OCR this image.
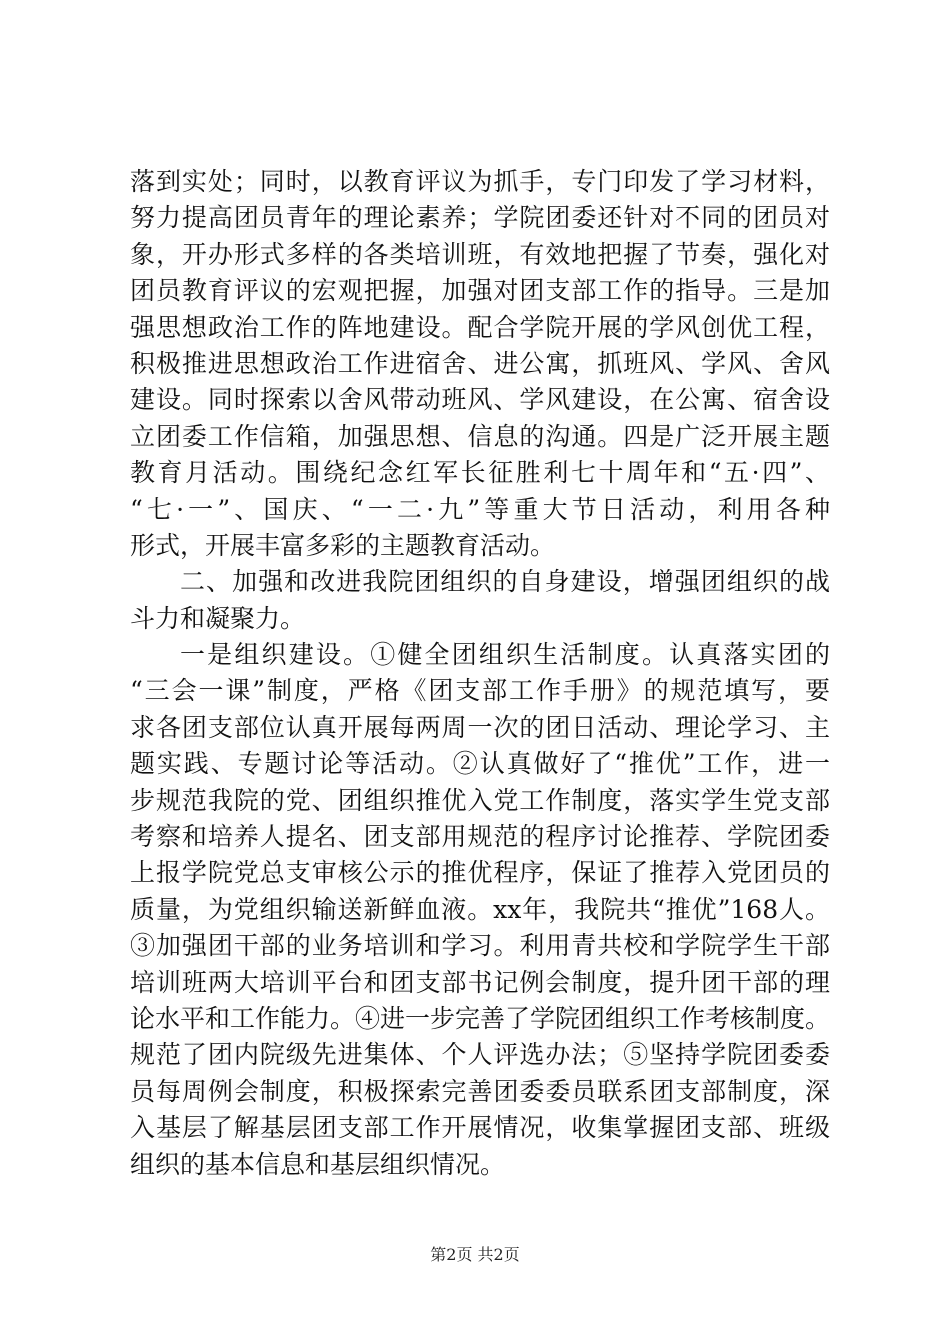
落到实处；同时，以教育评议为抓手，专门印发了学习材料，
努力提高团员青年的理论素养；学院团委还针对不同的团员对
象，开办形式多样的各类培训班，有效地把握了节奏，强化对
团员教育评议的宏观把握，加强对团支部工作的指导。三是加
强思想政治工作的阵地建设。配合学院开展的学风创优工程，
积极推进思想政治工作进宿舍、进公寓，抓班风、学风、舍风
建设。同时探索以舍风带动班风、学风建设，在公寓、宿舍设
立团委工作信箱，加强思想、信息的沟通。四是广泛开展主题
教育月活动。围绕纪念红军长征胜利七十周年和“五·四”、
“七·一”、国庆、“一二·九”等重大节日活动，利用各种
形式，开展丰富多彩的主题教育活动。
二、加强和改进我院团组织的自身建设，增强团组织的战
斗力和凝聚力。
一是组织建设。①健全团组织生活制度。认真落实团的
“三会一课”制度，严格《团支部工作手册》的规范填写，要
求各团支部位认真开展每两周一次的团日活动、理论学习、主
题实践、专题讨论等活动。②认真做好了“推优”工作，进一
步规范我院的党、团组织推优入党工作制度，落实学生党支部
考察和培养人提名、团支部用规范的程序讨论推荐、学院团委
上报学院党总支审核公示的推优程序，保证了推荐入党团员的
质量，为党组织输送新鲜血液。xx年，我院共“推优”168人。
③加强团干部的业务培训和学习。利用青共校和学院学生干部
培训班两大培训平台和团支部书记例会制度，提升团干部的理
论水平和工作能力。④进一步完善了学院团组织工作考核制度。
规范了团内院级先进集体、个人评选办法；⑤坚持学院团委委
员每周例会制度，积极探索完善团委委员联系团支部制度，深
入基层了解基层团支部工作开展情况，收集掌握团支部、班级
组织的基本信息和基层组织情况。
第2页 共2页
